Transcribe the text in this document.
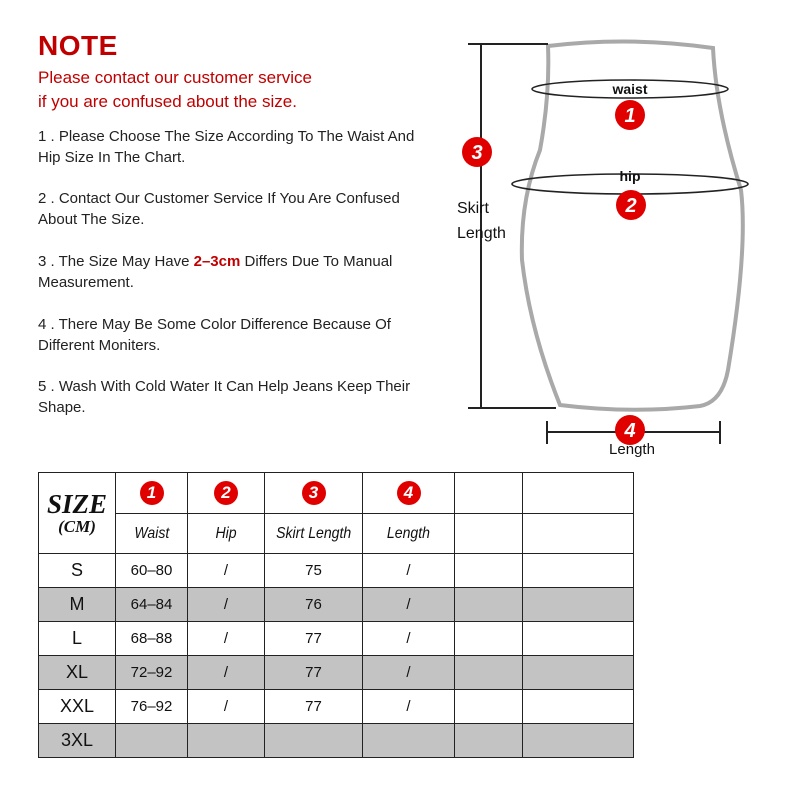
NOTE
Please contact our customer service
if you are confused about the size.
1 . Please Choose The Size According To The Waist And Hip Size In The Chart.
2 . Contact Our Customer Service If You Are Confused About The Size.
3 . The Size May Have 2–3cm Differs Due To Manual Measurement.
4 . There May Be Some Color Difference Because Of Different Moniters.
5 . Wash With Cold Water It Can Help Jeans Keep Their Shape.
1
2
3
4
waist
hip
Skirt
Length
Length
SIZE
(CM)	1	2	3	4		
	Waist	Hip	Skirt Length	Length		
S	60–80	/	75	/		
M	64–84	/	76	/		
L	68–88	/	77	/		
XL	72–92	/	77	/		
XXL	76–92	/	77	/		
3XL						
